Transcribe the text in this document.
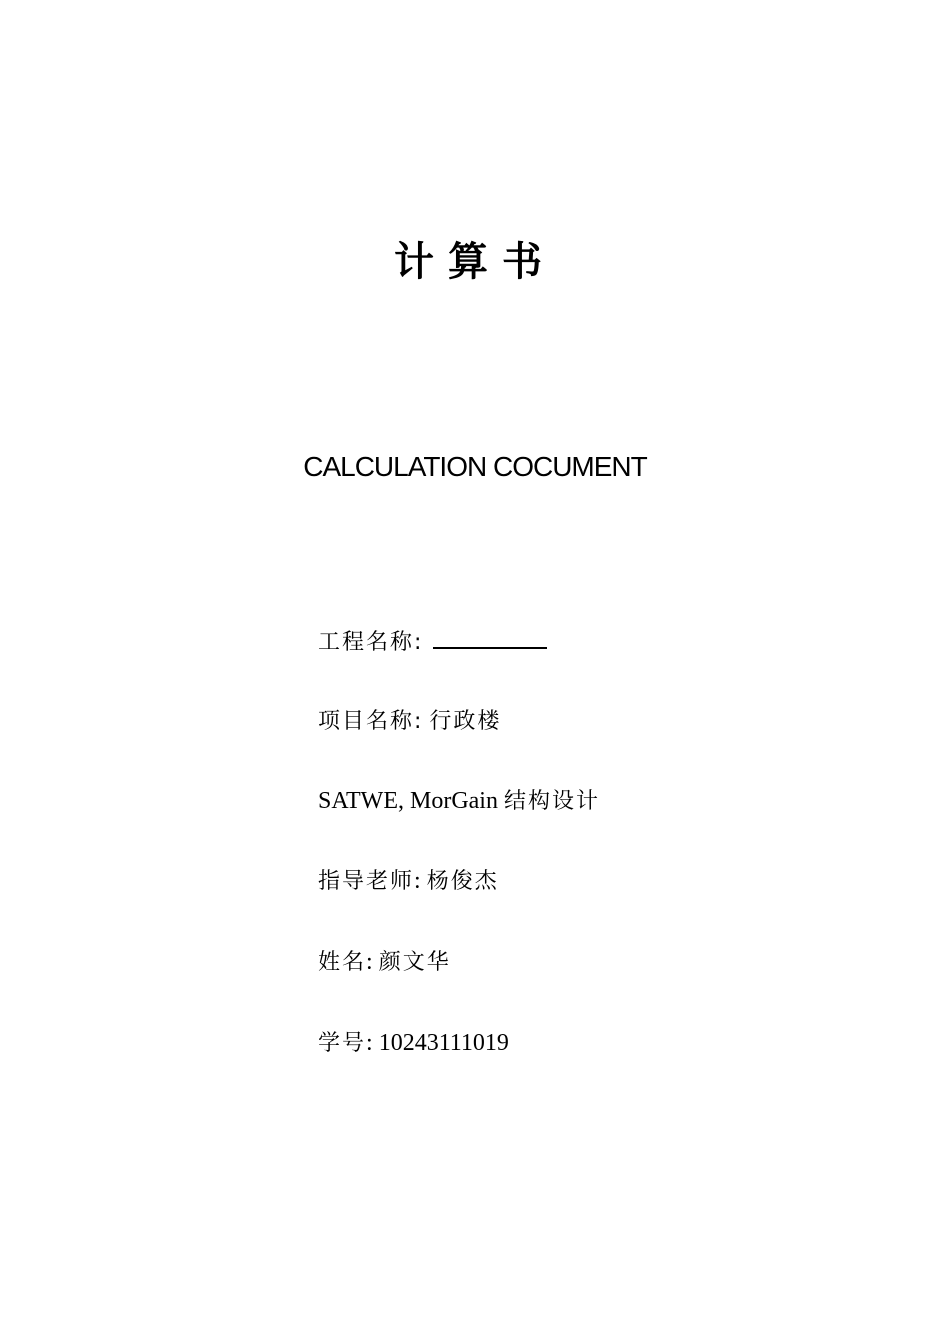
计算书
CALCULATION COCUMENT
工程名称:
项目名称: 行政楼
SATWE, MorGain 结构设计
指导老师: 杨俊杰
姓名: 颜文华
学号: 10243111019
